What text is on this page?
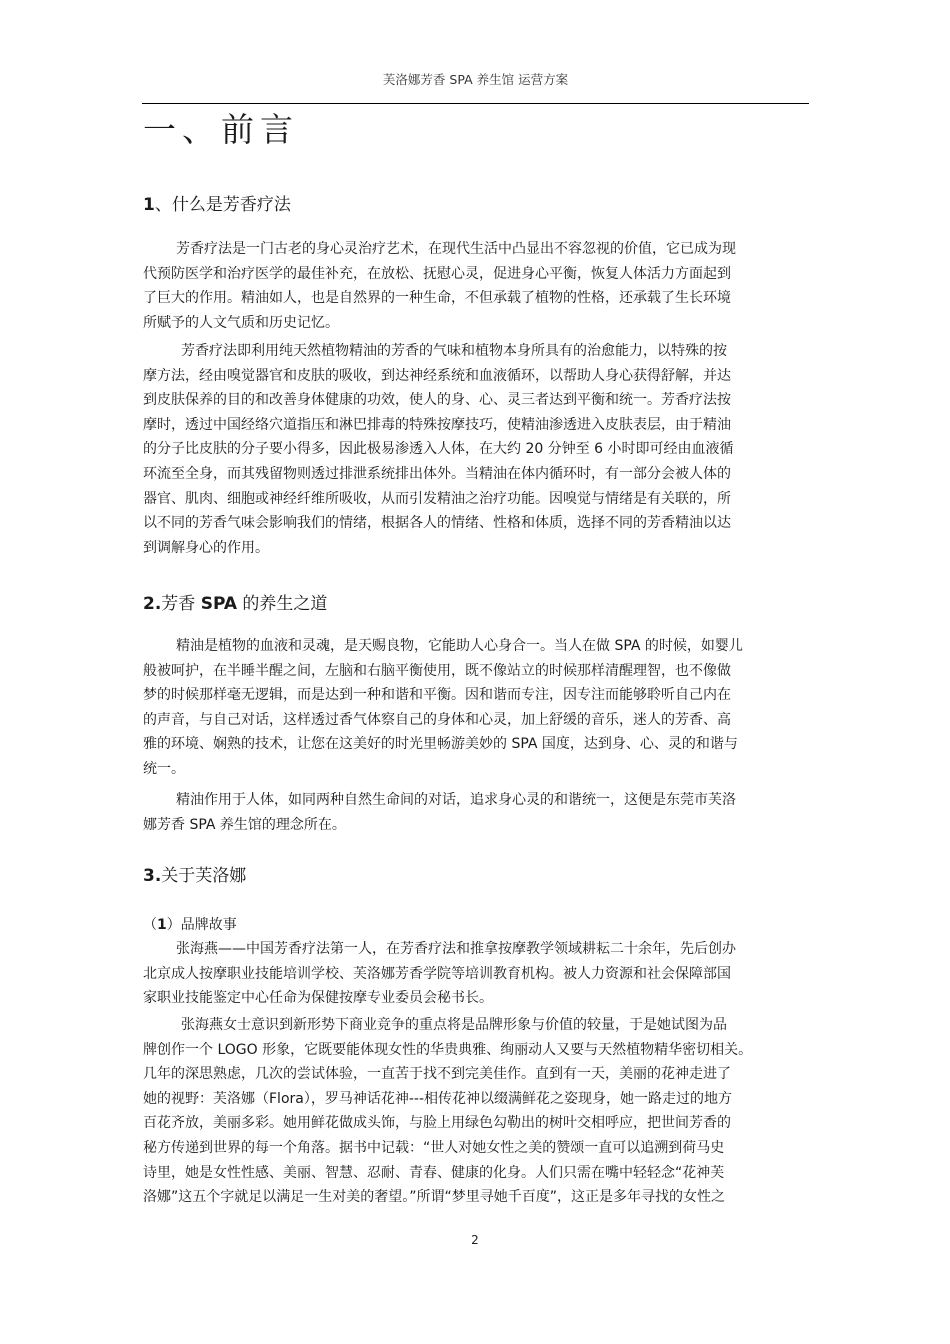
芙洛娜芳香 SPA 养生馆 运营方案
一、前言
1、什么是芳香疗法
芳香疗法是一门古老的身心灵治疗艺术，在现代生活中凸显出不容忽视的价值，它已成为现
代预防医学和治疗医学的最佳补充，在放松、抚慰心灵，促进身心平衡，恢复人体活力方面起到
了巨大的作用。精油如人，也是自然界的一种生命，不但承载了植物的性格，还承载了生长环境
所赋予的人文气质和历史记忆。
芳香疗法即利用纯天然植物精油的芳香的气味和植物本身所具有的治愈能力，以特殊的按
摩方法，经由嗅觉器官和皮肤的吸收，到达神经系统和血液循环，以帮助人身心获得舒解，并达
到皮肤保养的目的和改善身体健康的功效，使人的身、心、灵三者达到平衡和统一。芳香疗法按
摩时，透过中国经络穴道指压和淋巴排毒的特殊按摩技巧，使精油渗透进入皮肤表层，由于精油
的分子比皮肤的分子要小得多，因此极易渗透入人体，在大约 20 分钟至 6 小时即可经由血液循
环流至全身，而其残留物则透过排泄系统排出体外。当精油在体内循环时，有一部分会被人体的
器官、肌肉、细胞或神经纤维所吸收，从而引发精油之治疗功能。因嗅觉与情绪是有关联的，所
以不同的芳香气味会影响我们的情绪，根据各人的情绪、性格和体质，选择不同的芳香精油以达
到调解身心的作用。
2.芳香 SPA 的养生之道
精油是植物的血液和灵魂，是天赐良物，它能助人心身合一。当人在做 SPA 的时候，如婴儿
般被呵护，在半睡半醒之间，左脑和右脑平衡使用，既不像站立的时候那样清醒理智，也不像做
梦的时候那样毫无逻辑，而是达到一种和谐和平衡。因和谐而专注，因专注而能够聆听自己内在
的声音，与自己对话，这样透过香气体察自己的身体和心灵，加上舒缓的音乐，迷人的芳香、高
雅的环境、娴熟的技术，让您在这美好的时光里畅游美妙的 SPA 国度，达到身、心、灵的和谐与
统一。
精油作用于人体，如同两种自然生命间的对话，追求身心灵的和谐统一，这便是东莞市芙洛
娜芳香 SPA 养生馆的理念所在。
3.关于芙洛娜
（1）品牌故事
张海燕——中国芳香疗法第一人，在芳香疗法和推拿按摩教学领域耕耘二十余年，先后创办
北京成人按摩职业技能培训学校、芙洛娜芳香学院等培训教育机构。被人力资源和社会保障部国
家职业技能鉴定中心任命为保健按摩专业委员会秘书长。
张海燕女士意识到新形势下商业竞争的重点将是品牌形象与价值的较量，于是她试图为品
牌创作一个 LOGO 形象，它既要能体现女性的华贵典雅、绚丽动人又要与天然植物精华密切相关。
几年的深思熟虑，几次的尝试体验，一直苦于找不到完美佳作。直到有一天，美丽的花神走进了
她的视野：芙洛娜（Flora），罗马神话花神---相传花神以缀满鲜花之姿现身，她一路走过的地方
百花齐放，美丽多彩。她用鲜花做成头饰，与脸上用绿色勾勒出的树叶交相呼应，把世间芳香的
秘方传递到世界的每一个角落。据书中记载：“世人对她女性之美的赞颂一直可以追溯到荷马史
诗里，她是女性性感、美丽、智慧、忍耐、青春、健康的化身。人们只需在嘴中轻轻念“花神芙
洛娜”这五个字就足以满足一生对美的奢望。”所谓“梦里寻她千百度”，这正是多年寻找的女性之
2
